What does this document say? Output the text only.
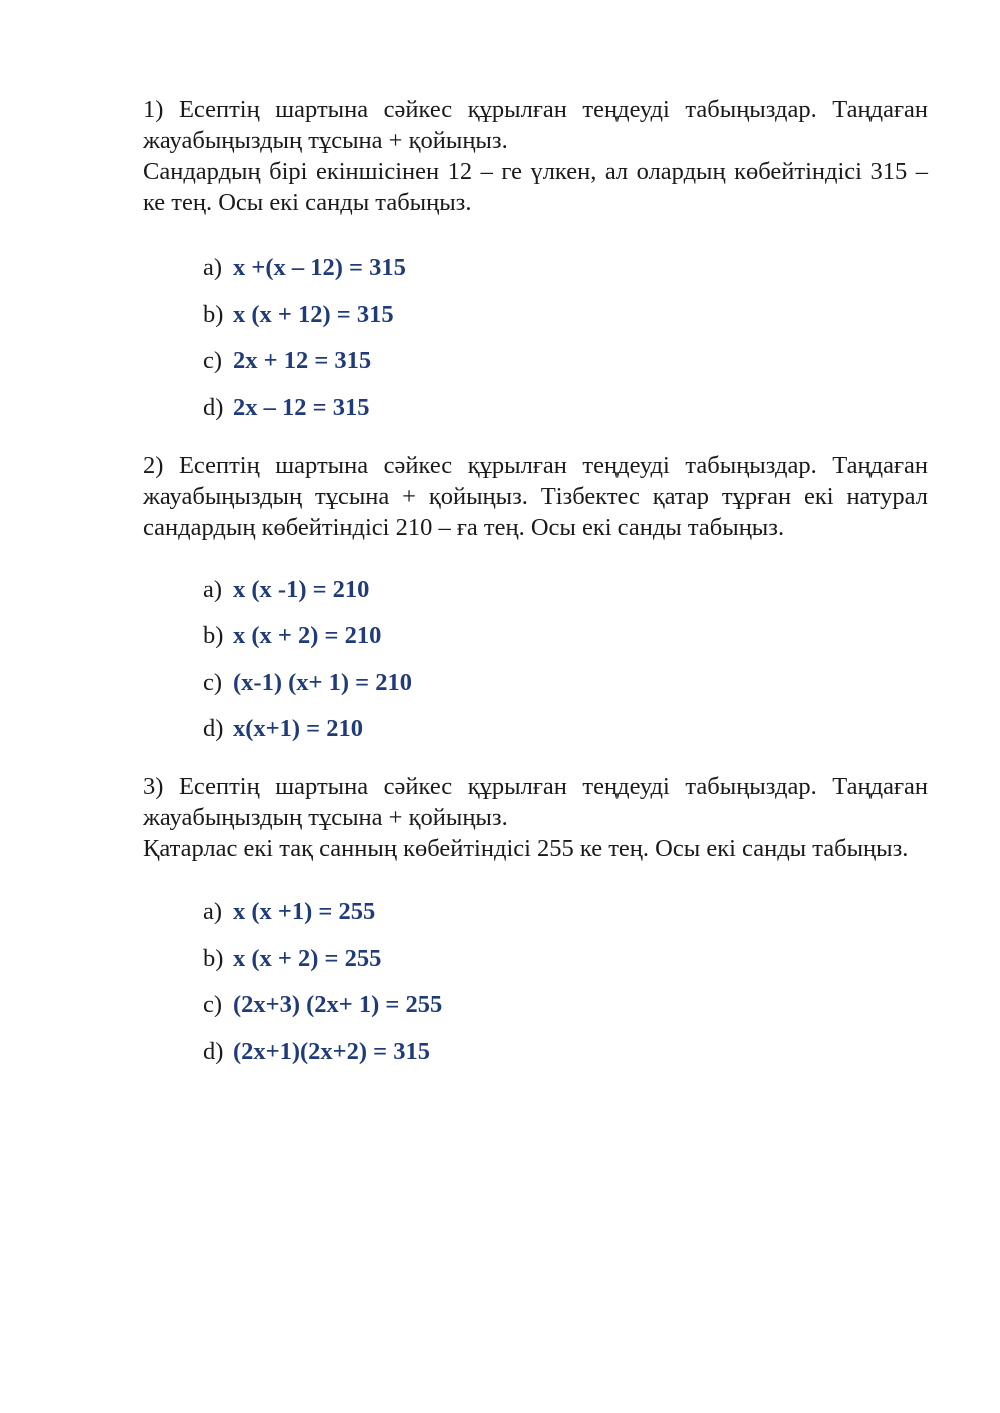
1) Есептің шартына сәйкес құрылған теңдеуді табыңыздар. Таңдаған жауабыңыздың тұсына + қойыңыз.
Сандардың бірі екіншісінен 12 – ге үлкен, ал олардың көбейтіндісі 315 – ке тең. Осы екі санды табыңыз.

a) x +(x – 12) = 315
b) x (x + 12) = 315
c) 2x + 12 = 315
d) 2x – 12 = 315

2) Есептің шартына сәйкес құрылған теңдеуді табыңыздар. Таңдаған жауабыңыздың тұсына + қойыңыз. Тізбектес қатар тұрған екі натурал сандардың көбейтіндісі 210 – ға тең. Осы екі санды табыңыз.

a) x (x -1) = 210
b) x (x + 2) = 210
c) (x-1) (x+ 1) = 210
d) x(x+1) = 210

3) Есептің шартына сәйкес құрылған теңдеуді табыңыздар. Таңдаған жауабыңыздың тұсына + қойыңыз.
Қатарлас екі тақ санның көбейтіндісі 255 ке тең. Осы екі санды табыңыз.

a) x (x +1) = 255
b) x (x + 2) = 255
c) (2x+3) (2x+ 1) = 255
d) (2x+1)(2x+2) = 315
